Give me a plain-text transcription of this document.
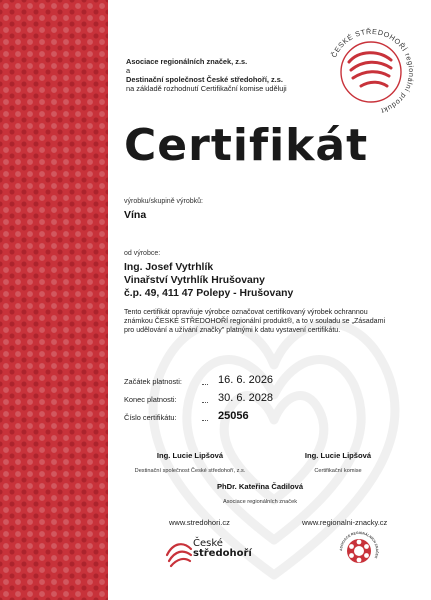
Asociace regionálních značek, z.s.
a
Destinační společnost České středohoří, z.s.
na základě rozhodnutí Certifikační komise uděluji
ČESKÉ STŘEDOHOŘÍ regionální produkt
Certifikát
výrobku/skupině výrobků:
Vína
od výrobce:
Ing. Josef Vytrhlík
Vinařství Vytrhlík Hrušovany
č.p. 49, 411 47 Polepy - Hrušovany
Tento certifikát opravňuje výrobce označovat certifikovaný výrobek ochrannou známkou ČESKÉ STŘEDOHOŘÍ regionální produkt®, a to v souladu se „Zásadami pro udělování a užívání značky" platnými k datu vystavení certifikátu.
Začátek platnosti:	16. 6. 2026
Konec platnosti:	30. 6. 2028
Číslo certifikátu:	25056
Ing. Lucie Lipšová
Destinační společnost České středohoří, z.s.
Ing. Lucie Lipšová
Certifikační komise
PhDr. Kateřina Čadilová
Asociace regionálních značek
www.stredohori.cz	www.regionalni-znacky.cz
České
středohoří	ASOCIACE REGIONÁLNÍCH ZNAČEK
